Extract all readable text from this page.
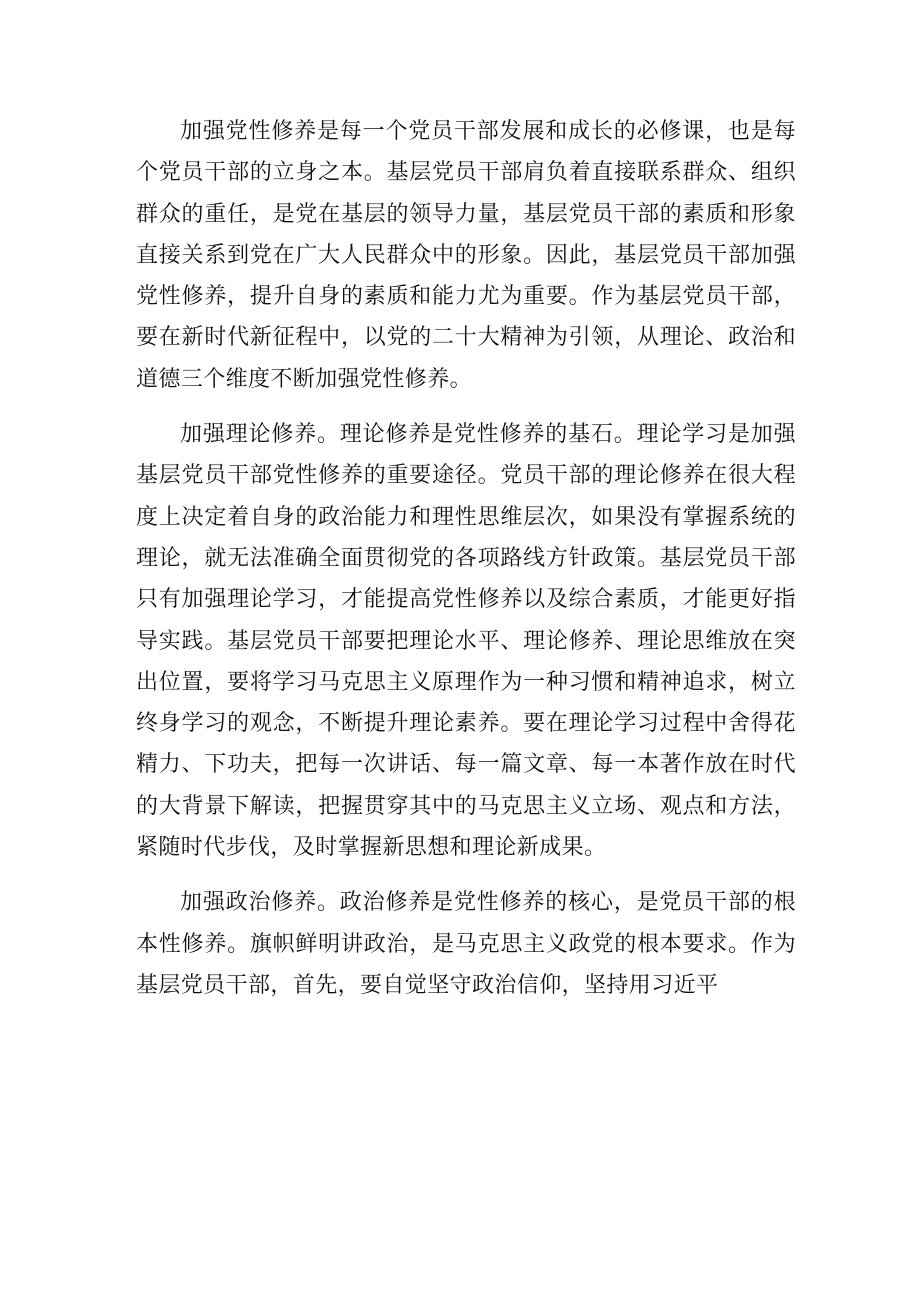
加强党性修养是每一个党员干部发展和成长的必修课，也是每个党员干部的立身之本。基层党员干部肩负着直接联系群众、组织群众的重任，是党在基层的领导力量，基层党员干部的素质和形象直接关系到党在广大人民群众中的形象。因此，基层党员干部加强党性修养，提升自身的素质和能力尤为重要。作为基层党员干部，要在新时代新征程中，以党的二十大精神为引领，从理论、政治和道德三个维度不断加强党性修养。

加强理论修养。理论修养是党性修养的基石。理论学习是加强基层党员干部党性修养的重要途径。党员干部的理论修养在很大程度上决定着自身的政治能力和理性思维层次，如果没有掌握系统的理论，就无法准确全面贯彻党的各项路线方针政策。基层党员干部只有加强理论学习，才能提高党性修养以及综合素质，才能更好指导实践。基层党员干部要把理论水平、理论修养、理论思维放在突出位置，要将学习马克思主义原理作为一种习惯和精神追求，树立终身学习的观念，不断提升理论素养。要在理论学习过程中舍得花精力、下功夫，把每一次讲话、每一篇文章、每一本著作放在时代的大背景下解读，把握贯穿其中的马克思主义立场、观点和方法，紧随时代步伐，及时掌握新思想和理论新成果。

加强政治修养。政治修养是党性修养的核心，是党员干部的根本性修养。旗帜鲜明讲政治，是马克思主义政党的根本要求。作为基层党员干部，首先，要自觉坚守政治信仰，坚持用习近平
